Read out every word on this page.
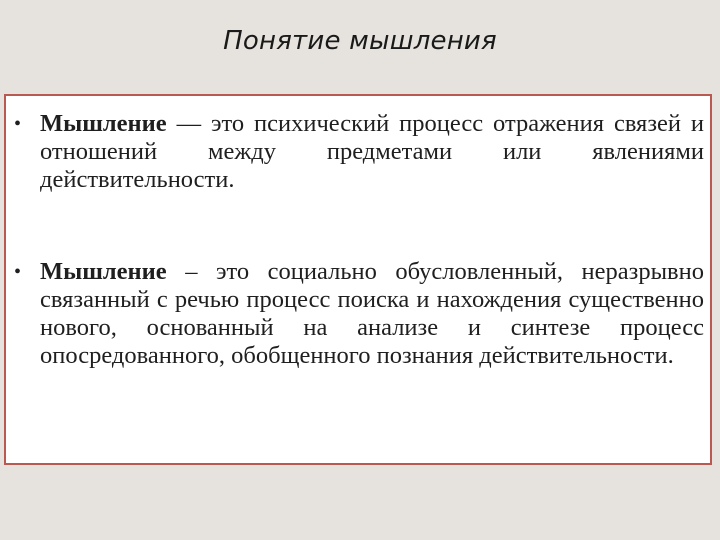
Понятие мышления
• Мышление — это психический процесс отражения связей и отношений между предметами или явлениями действительности.
• Мышление – это социально обусловленный, неразрывно связанный с речью процесс поиска и нахождения существенно нового, основанный на анализе и синтезе процесс опосредованного, обобщенного познания действительности.
